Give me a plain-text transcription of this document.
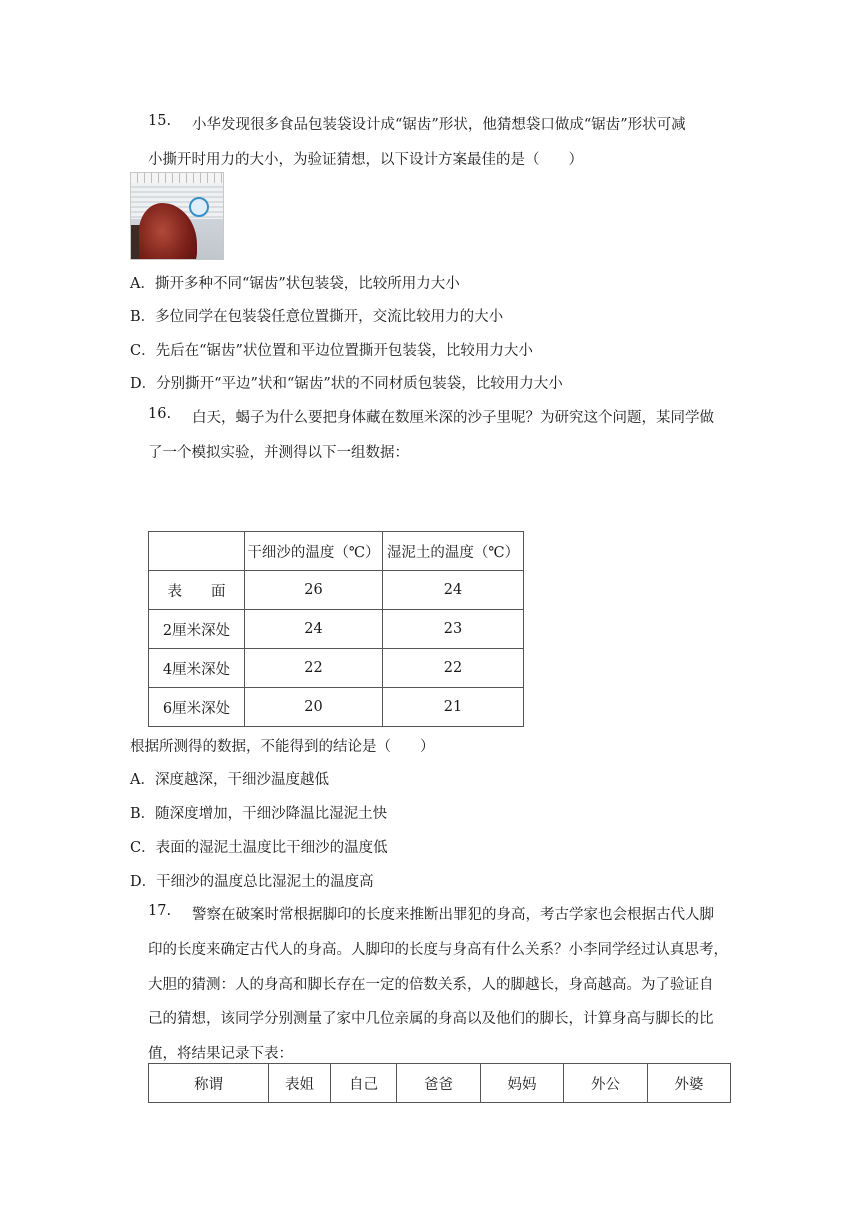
15. 小华发现很多食品包装袋设计成“锯齿”形状，他猜想袋口做成“锯齿”形状可减
小撕开时用力的大小，为验证猜想，以下设计方案最佳的是（　　）
A．撕开多种不同“锯齿”状包装袋，比较所用力大小
B．多位同学在包装袋任意位置撕开，交流比较用力的大小
C．先后在“锯齿”状位置和平边位置撕开包装袋，比较用力大小
D．分别撕开“平边”状和“锯齿”状的不同材质包装袋，比较用力大小
16. 白天，蝎子为什么要把身体藏在数厘米深的沙子里呢？为研究这个问题，某同学做
了一个模拟实验，并测得以下一组数据：
	干细沙的温度（℃）	湿泥土的温度（℃）
表　　面	26	24
2厘米深处	24	23
4厘米深处	22	22
6厘米深处	20	21
根据所测得的数据，不能得到的结论是（　　）
A．深度越深，干细沙温度越低
B．随深度增加，干细沙降温比湿泥土快
C．表面的湿泥土温度比干细沙的温度低
D．干细沙的温度总比湿泥土的温度高
17. 警察在破案时常根据脚印的长度来推断出罪犯的身高，考古学家也会根据古代人脚
印的长度来确定古代人的身高。人脚印的长度与身高有什么关系？小李同学经过认真思考，
大胆的猜测：人的身高和脚长存在一定的倍数关系，人的脚越长，身高越高。为了验证自
己的猜想，该同学分别测量了家中几位亲属的身高以及他们的脚长，计算身高与脚长的比
值，将结果记录下表：
称谓	表姐	自己	爸爸	妈妈	外公	外婆
